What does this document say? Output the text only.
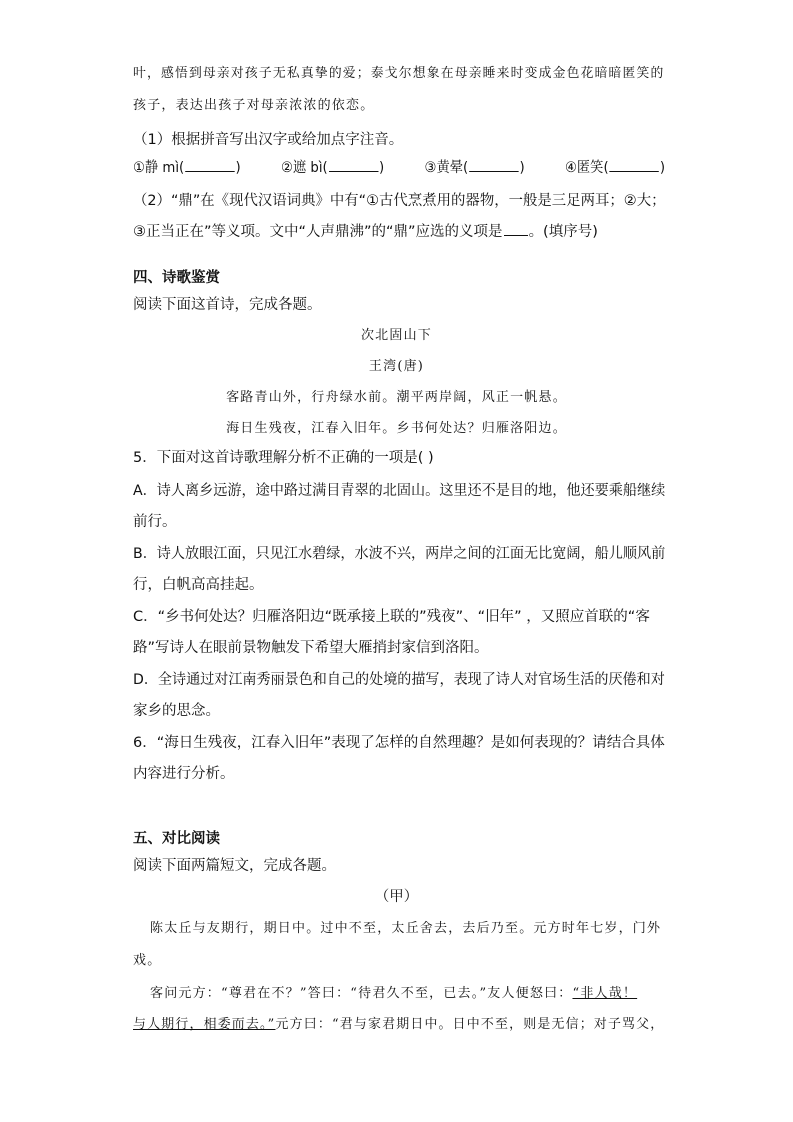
叶，感悟到母亲对孩子无私真挚的爱；泰戈尔想象在母亲睡来时变成金色花暗暗匿笑的
孩子，表达出孩子对母亲浓浓的依恋。
（1）根据拼音写出汉字或给加点字注音。
①静 mì(	)	②遮 bì(	)	③黄晕(	)	④匿笑(	)
（2）“鼎”在《现代汉语词典》中有“①古代烹煮用的器物，一般是三足两耳；②大；
③正当正在”等义项。文中“人声鼎沸”的“鼎”应选的义项是 。(填序号)
四、诗歌鉴赏
阅读下面这首诗，完成各题。
次北固山下
王湾(唐)
客路青山外，行舟绿水前。潮平两岸阔，风正一帆悬。
海日生残夜，江春入旧年。乡书何处达？归雁洛阳边。
5．下面对这首诗歌理解分析不正确的一项是( )
A．诗人离乡远游，途中路过满目青翠的北固山。这里还不是目的地，他还要乘船继续
前行。
B．诗人放眼江面，只见江水碧绿，水波不兴，两岸之间的江面无比宽阔，船儿顺风前
行，白帆高高挂起。
C．“乡书何处达？归雁洛阳边“既承接上联的”残夜”、“旧年” ，又照应首联的“客
路”写诗人在眼前景物触发下希望大雁捎封家信到洛阳。
D．全诗通过对江南秀丽景色和自己的处境的描写，表现了诗人对官场生活的厌倦和对
家乡的思念。
6．“海日生残夜，江春入旧年”表现了怎样的自然理趣？是如何表现的？请结合具体
内容进行分析。
五、对比阅读
阅读下面两篇短文，完成各题。
（甲）
陈太丘与友期行，期日中。过中不至，太丘舍去，去后乃至。元方时年七岁，门外
戏。
客问元方：“尊君在不？”答曰：“待君久不至，已去。”友人便怒曰：“非人哉！
与人期行，相委而去。”元方曰：“君与家君期日中。日中不至，则是无信；对子骂父，
